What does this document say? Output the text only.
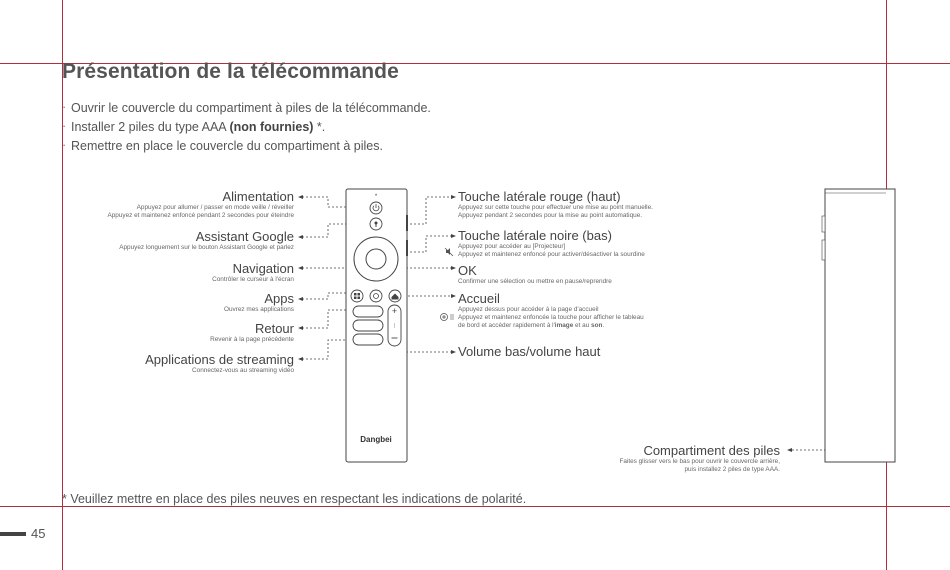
Présentation de la télécommande
· Ouvrir le couvercle du compartiment à piles de la télécommande.
· Installer 2 piles du type AAA (non fournies) *.
· Remettre en place le couvercle du compartiment à piles.
*
+
Dangbei
Alimentation
Appuyez pour allumer / passer en mode veille / réveiller
Appuyez et maintenez enfoncé pendant 2 secondes pour éteindre
Assistant Google
Appuyez longuement sur le bouton Assistant Google et parlez
Navigation
Contrôler le curseur à l'écran
Apps
Ouvrez mes applications
Retour
Revenir à la page précédente
Applications de streaming
Connectez-vous au streaming vidéo
Touche latérale rouge (haut)
Appuyez sur cette touche pour effectuer une mise au point manuelle.
Appuyez pendant 2 secondes pour la mise au point automatique.
Touche latérale noire (bas)
Appuyez pour accéder au [Projecteur]
Appuyez et maintenez enfoncé pour activer/désactiver la sourdine
OK
Confirmer une sélection ou mettre en pause/reprendre
Accueil
Appuyez dessus pour accéder à la page d'accueil
Appuyez et maintenez enfoncée la touche pour afficher le tableau
de bord et accéder rapidement à l'image et au son.
Volume bas/volume haut
Compartiment des piles
Faites glisser vers le bas pour ouvrir le couvercle arrière,
puis installez 2 piles de type AAA.
* Veuillez mettre en place des piles neuves en respectant les indications de polarité.
45
